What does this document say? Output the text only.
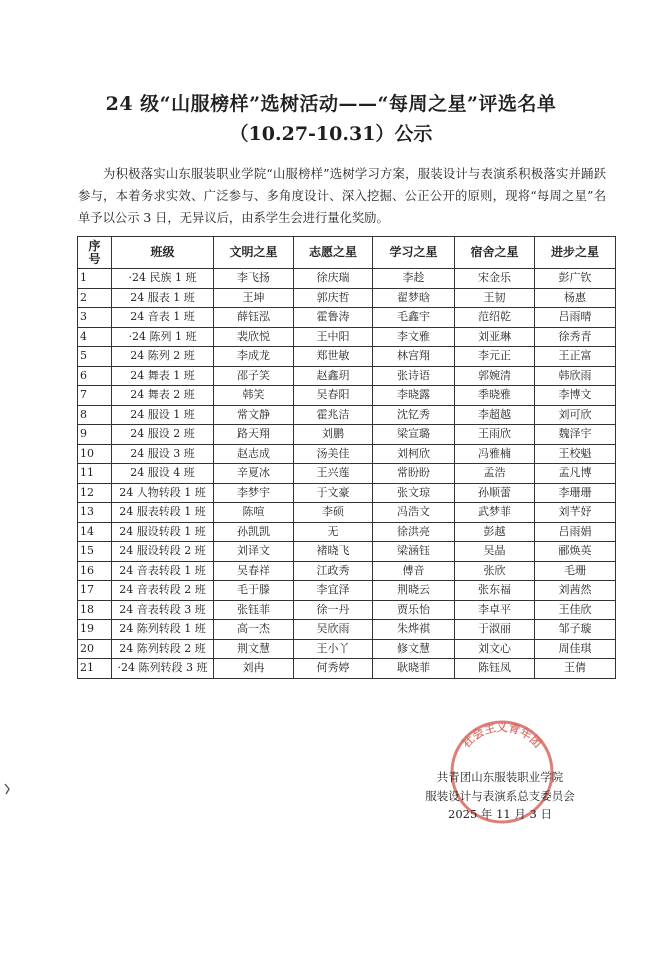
24 级“山服榜样”选树活动——“每周之星”评选名单
（10.27-10.31）公示
为积极落实山东服装职业学院“山服榜样”选树学习方案，服装设计与表演系积极落实并踊跃参与，本着务求实效、广泛参与、多角度设计、深入挖掘、公正公开的原则，现将“每周之星”名单予以公示 3 日，无异议后，由系学生会进行量化奖励。
序号	班级	文明之星	志愿之星	学习之星	宿舍之星	进步之星
1	·24 民族 1 班	李飞扬	徐庆瑞	李趁	宋金乐	彭广钦
2	24 服表 1 班	王坤	郭庆哲	翟梦晗	王韧	杨惠
3	24 音表 1 班	薛钰泓	霍鲁涛	毛鑫宇	范绍乾	吕雨晴
4	·24 陈列 1 班	裴欣悦	王中阳	李文雅	刘亚琳	徐秀青
5	24 陈列 2 班	李成龙	郑世敏	林宫翔	李元正	王正富
6	24 舞表 1 班	邵子笑	赵鑫玥	张诗语	郭婉清	韩欣雨
7	24 舞表 2 班	韩笑	吴春阳	李晓露	季晓雅	李博文
8	24 服设 1 班	常文静	霍兆洁	沈钇秀	李超越	刘可欣
9	24 服设 2 班	路天翔	刘鹏	梁宣璐	王雨欣	魏泽宇
10	24 服设 3 班	赵志成	汤美佳	刘柯欣	冯雅楠	王校魁
11	24 服设 4 班	辛夏冰	王兴莲	常盼盼	孟浩	孟凡博
12	24 人物转段 1 班	李梦宇	于文豪	张文琼	孙顺蕾	李珊珊
13	24 服表转段 1 班	陈喧	李硕	冯浩文	武梦菲	刘芊妤
14	24 服设转段 1 班	孙凯凯	无	徐洪亮	彭越	吕雨娟
15	24 服设转段 2 班	刘译文	褚晓飞	梁涵钰	吴晶	郦焕英
16	24 音表转段 1 班	吴春祥	江政秀	傅音	张欣	毛珊
17	24 音表转段 2 班	毛于滕	李宜泽	荆晓云	张东福	刘茜然
18	24 音表转段 3 班	张钰菲	徐一丹	贾乐怡	李卓平	王佳欣
19	24 陈列转段 1 班	高一杰	吴欣雨	朱烨祺	于淑丽	邹子璇
20	24 陈列转段 2 班	荆文慧	王小丫	修文慧	刘文心	周佳琪
21	·24 陈列转段 3 班	刘冉	何秀婷	耿晓菲	陈钰凤	王倩
社会主义青年团
共青团山东服装职业学院
服装设计与表演系总支委员会
2025 年 11 月 3 日
